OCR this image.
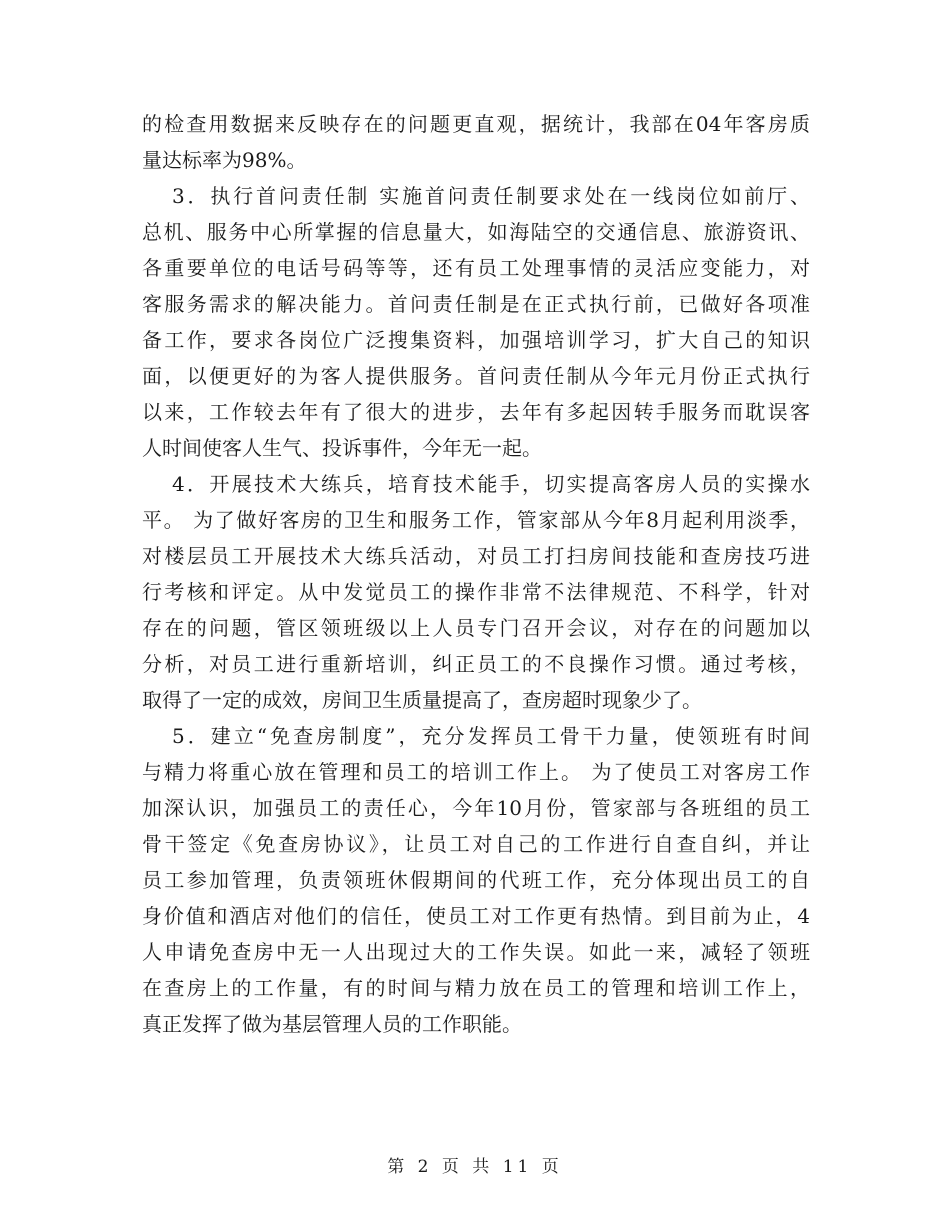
的检查用数据来反映存在的问题更直观，据统计，我部在04年客房质
量达标率为98%。
3．执行首问责任制 实施首问责任制要求处在一线岗位如前厅、
总机、服务中心所掌握的信息量大，如海陆空的交通信息、旅游资讯、
各重要单位的电话号码等等，还有员工处理事情的灵活应变能力，对
客服务需求的解决能力。首问责任制是在正式执行前，已做好各项准
备工作，要求各岗位广泛搜集资料，加强培训学习，扩大自己的知识
面，以便更好的为客人提供服务。首问责任制从今年元月份正式执行
以来，工作较去年有了很大的进步，去年有多起因转手服务而耽误客
人时间使客人生气、投诉事件，今年无一起。
4．开展技术大练兵，培育技术能手，切实提高客房人员的实操水
平。 为了做好客房的卫生和服务工作，管家部从今年8月起利用淡季，
对楼层员工开展技术大练兵活动，对员工打扫房间技能和查房技巧进
行考核和评定。从中发觉员工的操作非常不法律规范、不科学，针对
存在的问题，管区领班级以上人员专门召开会议，对存在的问题加以
分析，对员工进行重新培训，纠正员工的不良操作习惯。通过考核，
取得了一定的成效，房间卫生质量提高了，查房超时现象少了。
5．建立“免查房制度”，充分发挥员工骨干力量，使领班有时间
与精力将重心放在管理和员工的培训工作上。 为了使员工对客房工作
加深认识，加强员工的责任心，今年10月份，管家部与各班组的员工
骨干签定《免查房协议》，让员工对自己的工作进行自查自纠，并让
员工参加管理，负责领班休假期间的代班工作，充分体现出员工的自
身价值和酒店对他们的信任，使员工对工作更有热情。到目前为止，4
人申请免查房中无一人出现过大的工作失误。如此一来，减轻了领班
在查房上的工作量，有的时间与精力放在员工的管理和培训工作上，
真正发挥了做为基层管理人员的工作职能。
第 2 页 共 11 页
